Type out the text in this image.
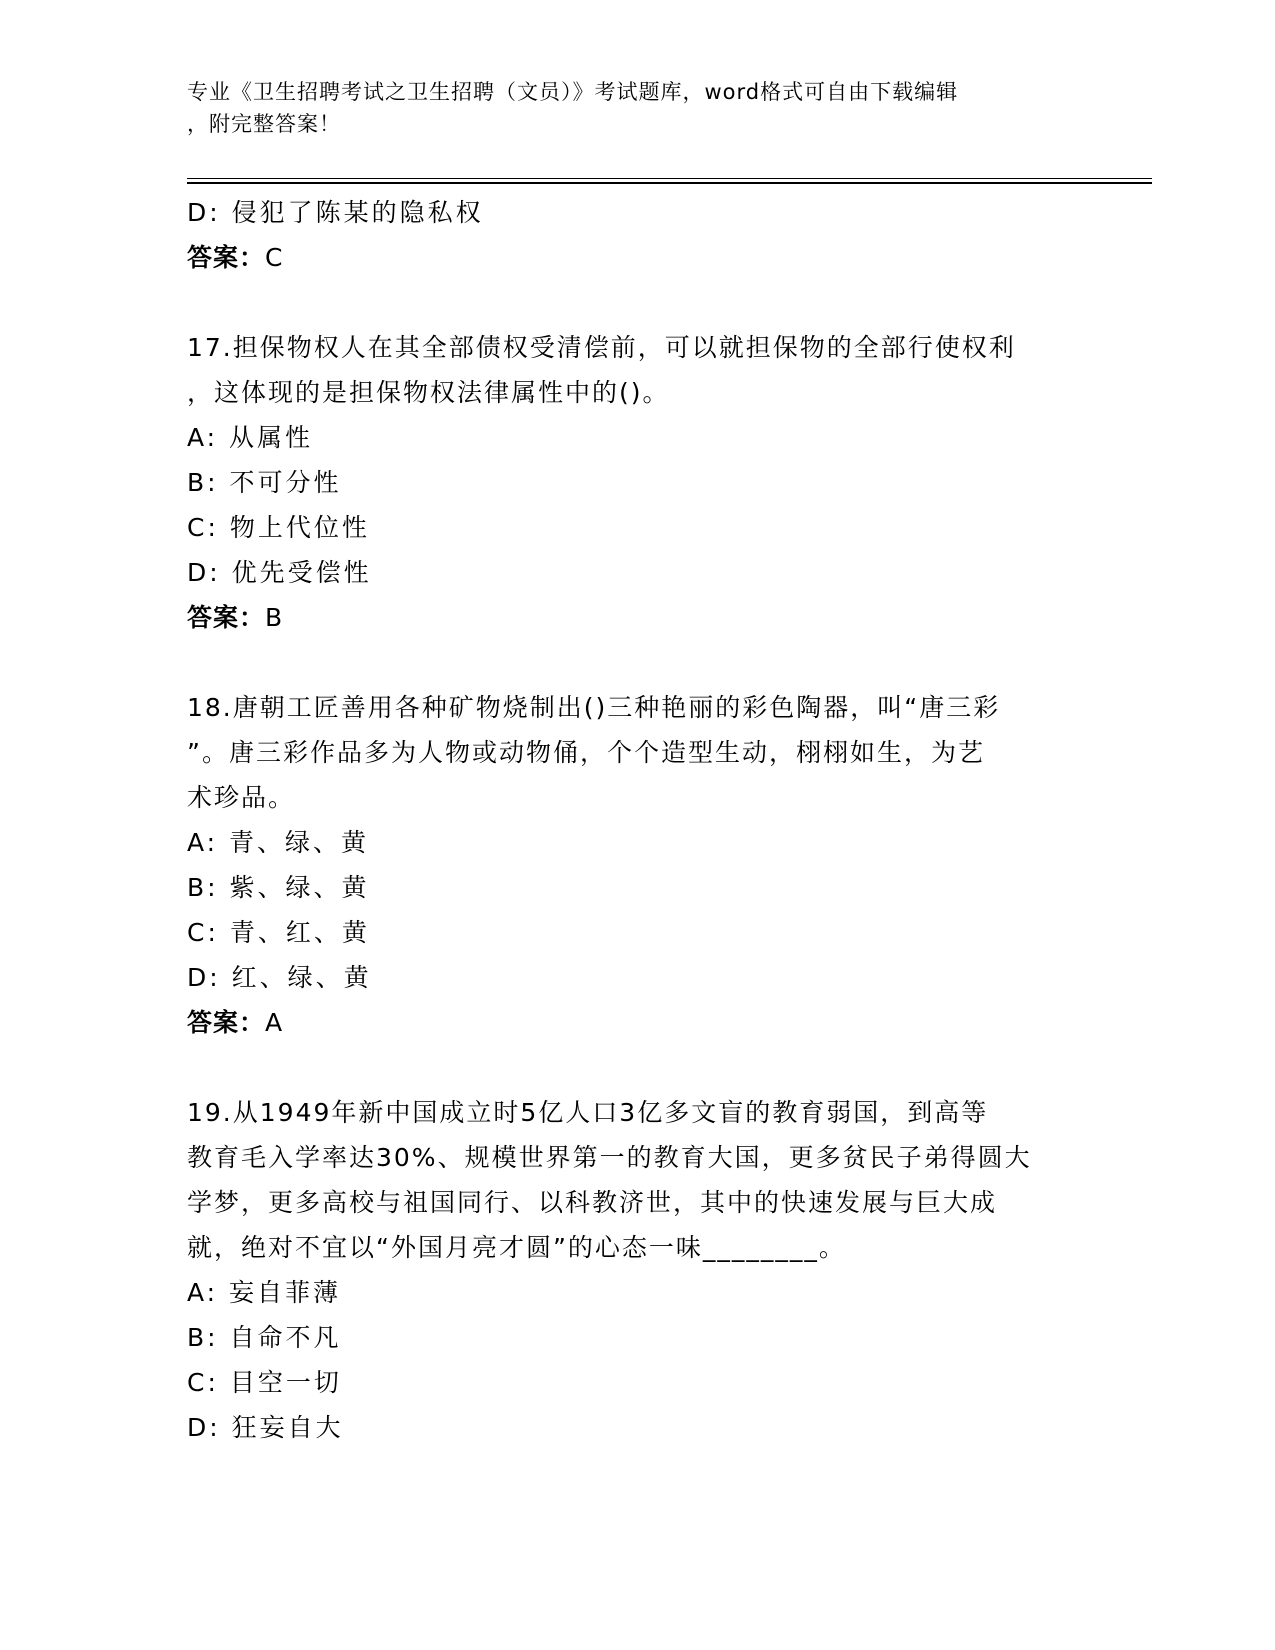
专业《卫生招聘考试之卫生招聘（文员）》考试题库，word格式可自由下载编辑
，附完整答案！
D: 侵犯了陈某的隐私权
答案：C
17.担保物权人在其全部债权受清偿前，可以就担保物的全部行使权利
，这体现的是担保物权法律属性中的()。
A: 从属性
B: 不可分性
C: 物上代位性
D: 优先受偿性
答案：B
18.唐朝工匠善用各种矿物烧制出()三种艳丽的彩色陶器，叫“唐三彩
”。唐三彩作品多为人物或动物俑，个个造型生动，栩栩如生，为艺
术珍品。
A: 青、绿、黄
B: 紫、绿、黄
C: 青、红、黄
D: 红、绿、黄
答案：A
19.从1949年新中国成立时5亿人口3亿多文盲的教育弱国，到高等
教育毛入学率达30%、规模世界第一的教育大国，更多贫民子弟得圆大
学梦，更多高校与祖国同行、以科教济世，其中的快速发展与巨大成
就，绝对不宜以“外国月亮才圆”的心态一味________。
A: 妄自菲薄
B: 自命不凡
C: 目空一切
D: 狂妄自大
